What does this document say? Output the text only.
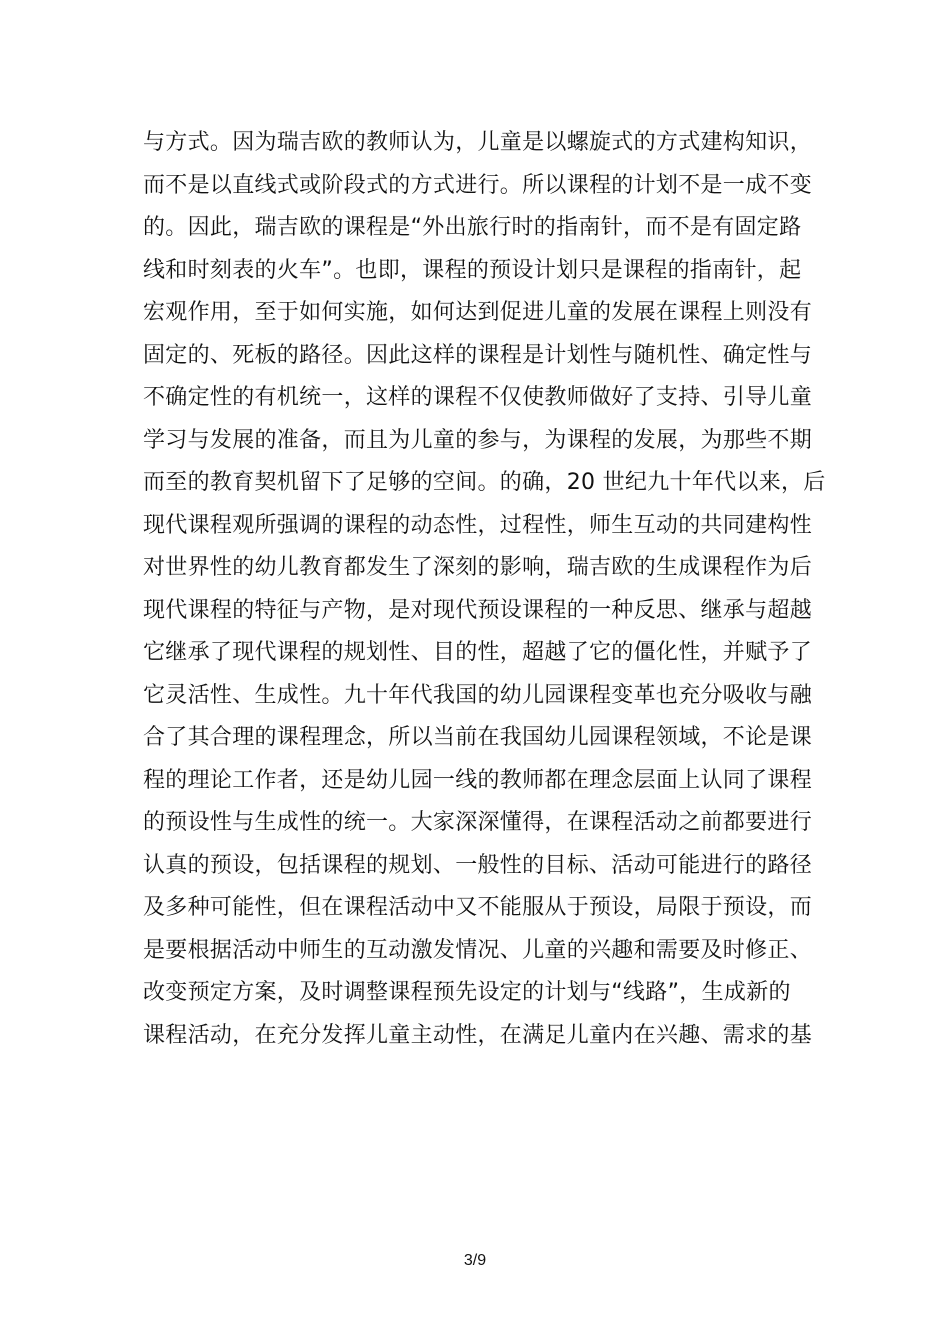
与方式。因为瑞吉欧的教师认为，儿童是以螺旋式的方式建构知识，
而不是以直线式或阶段式的方式进行。所以课程的计划不是一成不变
的。因此，瑞吉欧的课程是“外出旅行时的指南针，而不是有固定路
线和时刻表的火车”。也即，课程的预设计划只是课程的指南针，起
宏观作用，至于如何实施，如何达到促进儿童的发展在课程上则没有
固定的、死板的路径。因此这样的课程是计划性与随机性、确定性与
不确定性的有机统一，这样的课程不仅使教师做好了支持、引导儿童
学习与发展的准备，而且为儿童的参与，为课程的发展，为那些不期
而至的教育契机留下了足够的空间。的确，20 世纪九十年代以来，后
现代课程观所强调的课程的动态性，过程性，师生互动的共同建构性
对世界性的幼儿教育都发生了深刻的影响，瑞吉欧的生成课程作为后
现代课程的特征与产物，是对现代预设课程的一种反思、继承与超越
它继承了现代课程的规划性、目的性，超越了它的僵化性，并赋予了
它灵活性、生成性。九十年代我国的幼儿园课程变革也充分吸收与融
合了其合理的课程理念，所以当前在我国幼儿园课程领域，不论是课
程的理论工作者，还是幼儿园一线的教师都在理念层面上认同了课程
的预设性与生成性的统一。大家深深懂得，在课程活动之前都要进行
认真的预设，包括课程的规划、一般性的目标、活动可能进行的路径
及多种可能性，但在课程活动中又不能服从于预设，局限于预设，而
是要根据活动中师生的互动激发情况、儿童的兴趣和需要及时修正、
改变预定方案，及时调整课程预先设定的计划与“线路”，生成新的
课程活动，在充分发挥儿童主动性，在满足儿童内在兴趣、需求的基
3/9
